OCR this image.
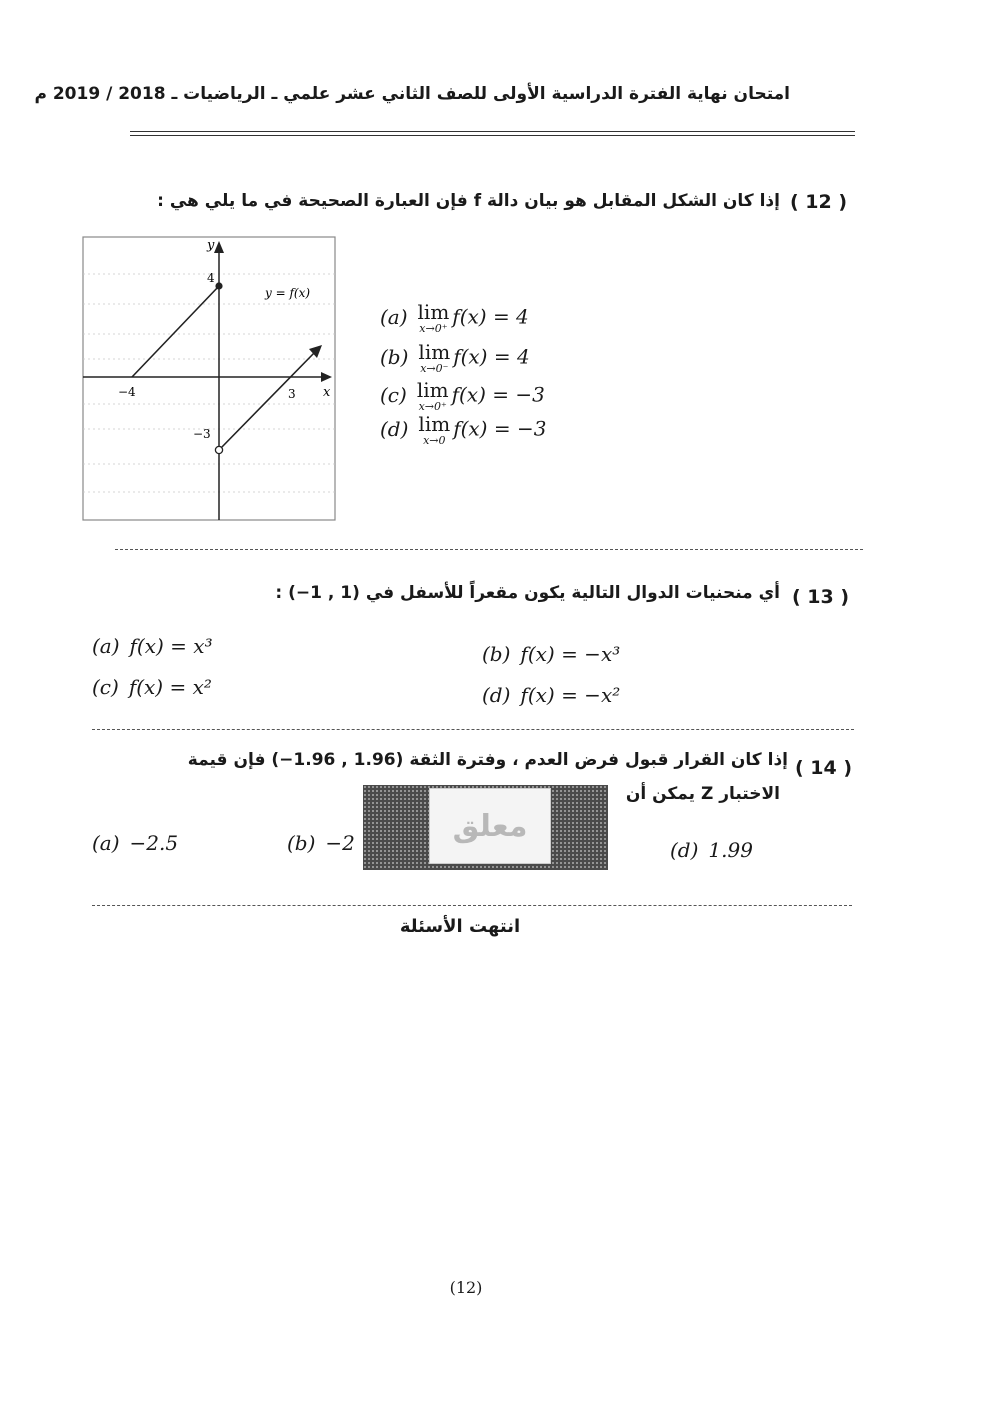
امتحان نهاية الفترة الدراسية الأولى للصف الثاني عشر علمي ـ الرياضيات ـ 2018 / 2019 م
إذا كان الشكل المقابل هو بيان دالة f فإن العبارة الصحيحة في ما يلي هي : ( 12 )
y
x
y = f(x)
4
−4	3
−3
(a) lim
x→0⁺ f(x) = 4
(b) lim
x→0⁻ f(x) = 4
(c) lim
x→0⁺ f(x) = −3
(d) lim
x→0 f(x) = −3
أي منحنيات الدوال التالية يكون مقعراً للأسفل في (1 , 1−) : ( 13 )
(a) f(x) = x³	(b) f(x) = −x³
(c) f(x) = x²	(d) f(x) = −x²
إذا كان القرار قبول فرض العدم ، وفترة الثقة (1.96 , 1.96−) فإن قيمة ( 14 )
الاختبار Z يمكن أن
(a) −2.5	(b) −2	(d) 1.99
معلق
انتهت الأسئلة
(12)
